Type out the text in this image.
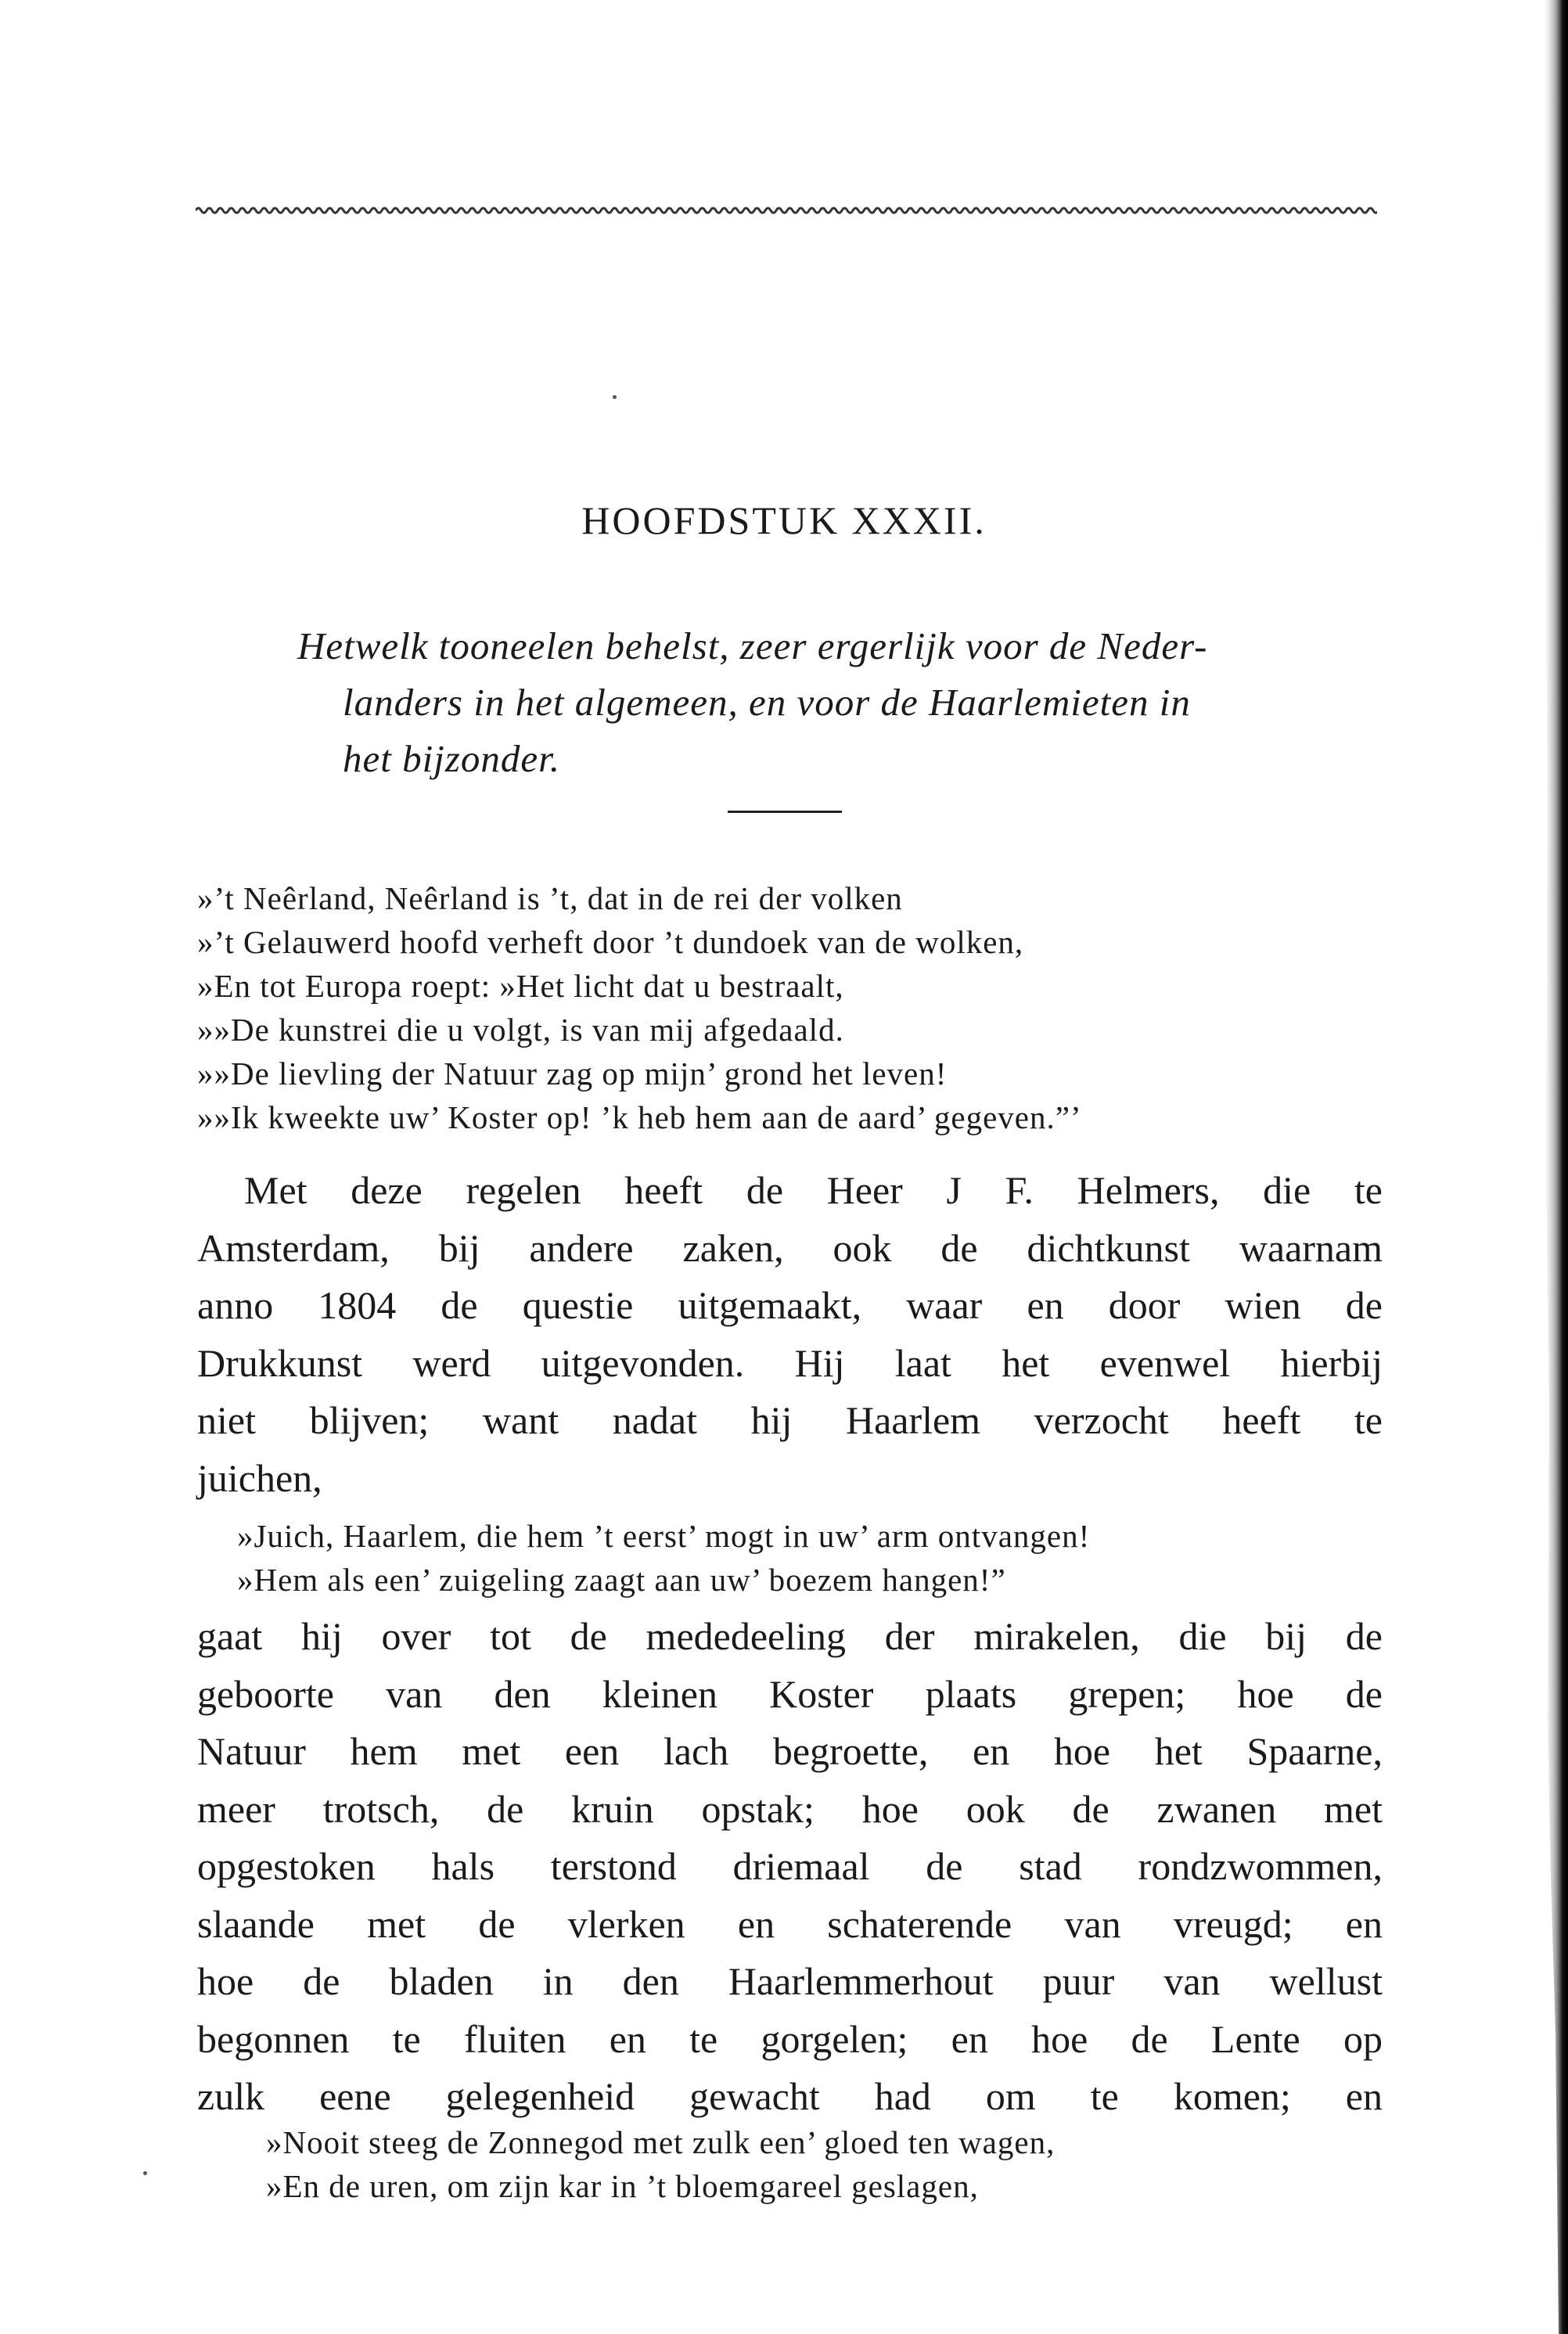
HOOFDSTUK XXXII.
Hetwelk tooneelen behelst, zeer ergerlijk voor de Neder-
landers in het algemeen, en voor de Haarlemieten in
het bijzonder.
»’t Neêrland, Neêrland is ’t, dat in de rei der volken
»’t Gelauwerd hoofd verheft door ’t dundoek van de wolken,
»En tot Europa roept: »Het licht dat u bestraalt,
»»De kunstrei die u volgt, is van mij afgedaald.
»»De lievling der Natuur zag op mijn’ grond het leven!
»»Ik kweekte uw’ Koster op! ’k heb hem aan de aard’ gegeven.”’
Met deze regelen heeft de Heer J F. Helmers, die te
Amsterdam, bij andere zaken, ook de dichtkunst waarnam
anno 1804 de questie uitgemaakt, waar en door wien de
Drukkunst werd uitgevonden. Hij laat het evenwel hierbij
niet blijven; want nadat hij Haarlem verzocht heeft te
juichen,
»Juich, Haarlem, die hem ’t eerst’ mogt in uw’ arm ontvangen!
»Hem als een’ zuigeling zaagt aan uw’ boezem hangen!”
gaat hij over tot de mededeeling der mirakelen, die bij de
geboorte van den kleinen Koster plaats grepen; hoe de
Natuur hem met een lach begroette, en hoe het Spaarne,
meer trotsch, de kruin opstak; hoe ook de zwanen met
opgestoken hals terstond driemaal de stad rondzwommen,
slaande met de vlerken en schaterende van vreugd; en
hoe de bladen in den Haarlemmerhout puur van wellust
begonnen te fluiten en te gorgelen; en hoe de Lente op
zulk eene gelegenheid gewacht had om te komen; en
»Nooit steeg de Zonnegod met zulk een’ gloed ten wagen,
»En de uren, om zijn kar in ’t bloemgareel geslagen,
